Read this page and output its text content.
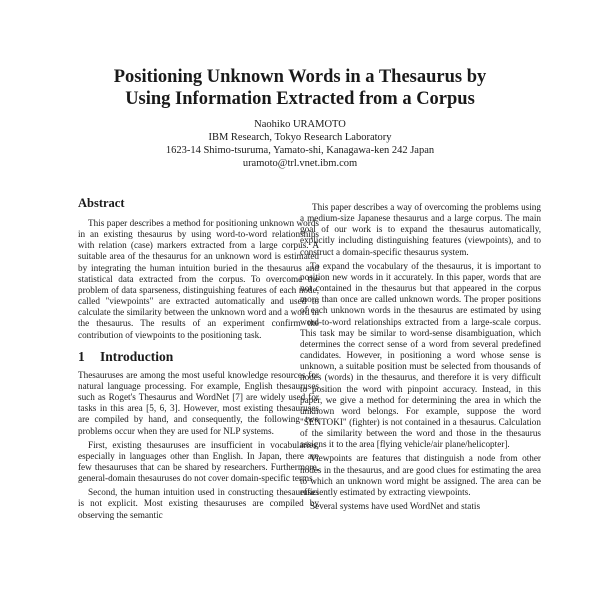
Positioning Unknown Words in a Thesaurus by
Using Information Extracted from a Corpus
Naohiko URAMOTO
IBM Research, Tokyo Research Laboratory
1623-14 Shimo-tsuruma, Yamato-shi, Kanagawa-ken 242 Japan
uramoto@trl.vnet.ibm.com
Abstract

This paper describes a method for positioning unknown words in an existing thesaurus by using word-to-word relationships with relation (case) markers extracted from a large corpus. A suitable area of the thesaurus for an unknown word is estimated by integrating the human intuition buried in the thesaurus and statistical data extracted from the corpus. To overcome the problem of data sparseness, distinguishing features of each node, called "viewpoints" are extracted automatically and used to calculate the similarity between the unknown word and a word in the thesaurus. The results of an experiment confirm the contribution of viewpoints to the positioning task.

1 Introduction

Thesauruses are among the most useful knowledge resources for natural language processing. For example, English thesauruses such as Roget's Thesaurus and WordNet [7] are widely used for tasks in this area [5, 6, 3]. However, most existing thesauruses are compiled by hand, and consequently, the following two problems occur when they are used for NLP systems.

First, existing thesauruses are insufficient in vocabularies, especially in languages other than English. In Japan, there are few thesauruses that can be shared by researchers. Furthermore, general-domain thesauruses do not cover domain-specific terms.

Second, the human intuition used in constructing thesauruses is not explicit. Most existing thesauruses are compiled by observing the semantic

This paper describes a way of overcoming the problems using a medium-size Japanese thesaurus and a large corpus. The main goal of our work is to expand the thesaurus automatically, explicitly including distinguishing features (viewpoints), and to construct a domain-specific thesaurus system.

To expand the vocabulary of the thesaurus, it is important to position new words in it accurately. In this paper, words that are not contained in the thesaurus but that appeared in the corpus more than once are called unknown words. The proper positions of each unknown words in the thesaurus are estimated by using word-to-word relationships extracted from a large-scale corpus. This task may be similar to word-sense disambiguation, which determines the correct sense of a word from several predefined candidates. However, in positioning a word whose sense is unknown, a suitable position must be selected from thousands of nodes (words) in the thesaurus, and therefore it is very difficult to position the word with pinpoint accuracy. Instead, in this paper, we give a method for determining the area in which the unknown word belongs. For example, suppose the word "SENTOKI" (fighter) is not contained in a thesaurus. Calculation of the similarity between the word and those in the thesaurus assigns it to the area [flying vehicle/air plane/helicopter].

Viewpoints are features that distinguish a node from other nodes in the thesaurus, and are good clues for estimating the area to which an unknown word might be assigned. The area can be efficiently estimated by extracting viewpoints.

Several systems have used WordNet and statis
